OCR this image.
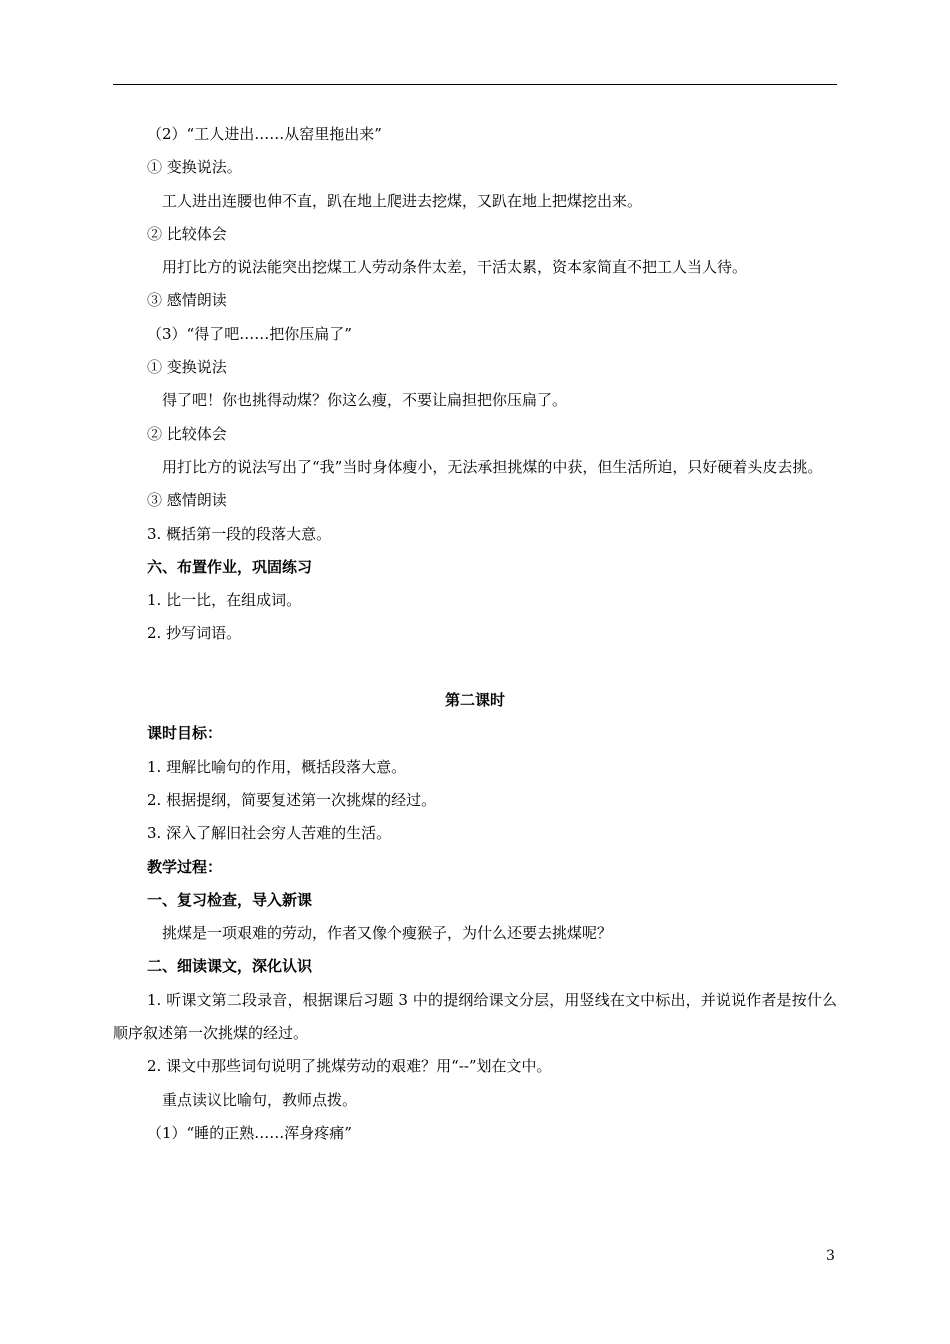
（2）“工人进出……从窑里拖出来”
① 变换说法。
工人进出连腰也伸不直，趴在地上爬进去挖煤，又趴在地上把煤挖出来。
② 比较体会
用打比方的说法能突出挖煤工人劳动条件太差，干活太累，资本家简直不把工人当人待。
③ 感情朗读
（3）“得了吧……把你压扁了”
① 变换说法
得了吧！你也挑得动煤？你这么瘦，不要让扁担把你压扁了。
② 比较体会
用打比方的说法写出了“我”当时身体瘦小，无法承担挑煤的中获，但生活所迫，只好硬着头皮去挑。
③ 感情朗读
3. 概括第一段的段落大意。
六、布置作业，巩固练习
1. 比一比，在组成词。
2. 抄写词语。
第二课时
课时目标：
1. 理解比喻句的作用，概括段落大意。
2. 根据提纲，简要复述第一次挑煤的经过。
3. 深入了解旧社会穷人苦难的生活。
教学过程：
一、复习检查，导入新课
挑煤是一项艰难的劳动，作者又像个瘦猴子，为什么还要去挑煤呢？
二、细读课文，深化认识
1. 听课文第二段录音，根据课后习题 3 中的提纲给课文分层，用竖线在文中标出，并说说作者是按什么顺序叙述第一次挑煤的经过。
2. 课文中那些词句说明了挑煤劳动的艰难？用“--”划在文中。
重点读议比喻句，教师点拨。
（1）“睡的正熟……浑身疼痛”
3
